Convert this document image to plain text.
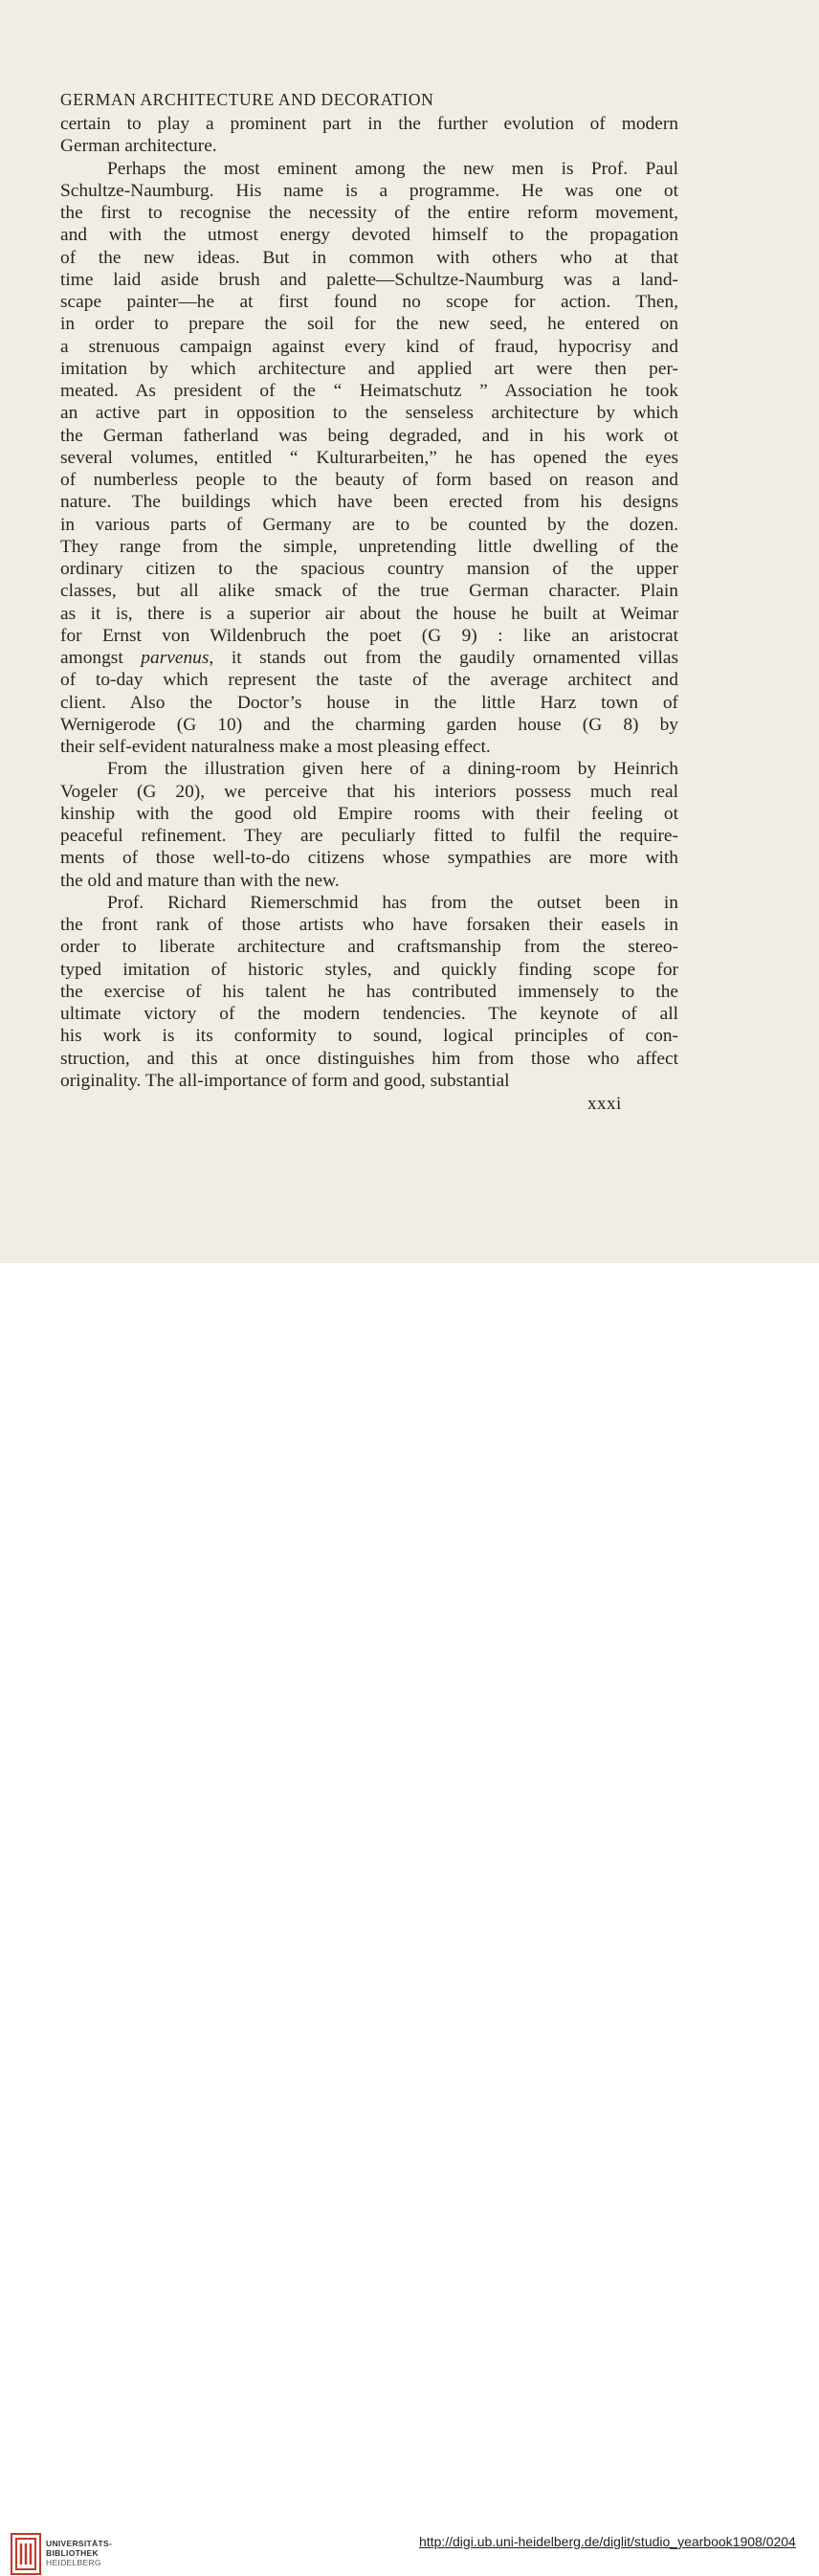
GERMAN ARCHITECTURE AND DECORATION
certain to play a prominent part in the further evolution of modern
German architecture.
Perhaps the most eminent among the new men is Prof. Paul
Schultze-Naumburg. His name is a programme. He was one ot
the first to recognise the necessity of the entire reform movement,
and with the utmost energy devoted himself to the propagation
of the new ideas. But in common with others who at that
time laid aside brush and palette—Schultze-Naumburg was a land-
scape painter—he at first found no scope for action. Then,
in order to prepare the soil for the new seed, he entered on
a strenuous campaign against every kind of fraud, hypocrisy and
imitation by which architecture and applied art were then per-
meated. As president of the “ Heimatschutz ” Association he took
an active part in opposition to the senseless architecture by which
the German fatherland was being degraded, and in his work ot
several volumes, entitled “ Kulturarbeiten,” he has opened the eyes
of numberless people to the beauty of form based on reason and
nature. The buildings which have been erected from his designs
in various parts of Germany are to be counted by the dozen.
They range from the simple, unpretending little dwelling of the
ordinary citizen to the spacious country mansion of the upper
classes, but all alike smack of the true German character. Plain
as it is, there is a superior air about the house he built at Weimar
for Ernst von Wildenbruch the poet (G 9) : like an aristocrat
amongst parvenus, it stands out from the gaudily ornamented villas
of to-day which represent the taste of the average architect and
client. Also the Doctor’s house in the little Harz town of
Wernigerode (G 10) and the charming garden house (G 8) by
their self-evident naturalness make a most pleasing effect.
From the illustration given here of a dining-room by Heinrich
Vogeler (G 20), we perceive that his interiors possess much real
kinship with the good old Empire rooms with their feeling ot
peaceful refinement. They are peculiarly fitted to fulfil the require-
ments of those well-to-do citizens whose sympathies are more with
the old and mature than with the new.
Prof. Richard Riemerschmid has from the outset been in
the front rank of those artists who have forsaken their easels in
order to liberate architecture and craftsmanship from the stereo-
typed imitation of historic styles, and quickly finding scope for
the exercise of his talent he has contributed immensely to the
ultimate victory of the modern tendencies. The keynote of all
his work is its conformity to sound, logical principles of con-
struction, and this at once distinguishes him from those who affect
originality. The all-importance of form and good, substantial
xxxi
UNIVERSITÄTS-
BIBLIOTHEK
HEIDELBERG
http://digi.ub.uni-heidelberg.de/diglit/studio_yearbook1908/0204
